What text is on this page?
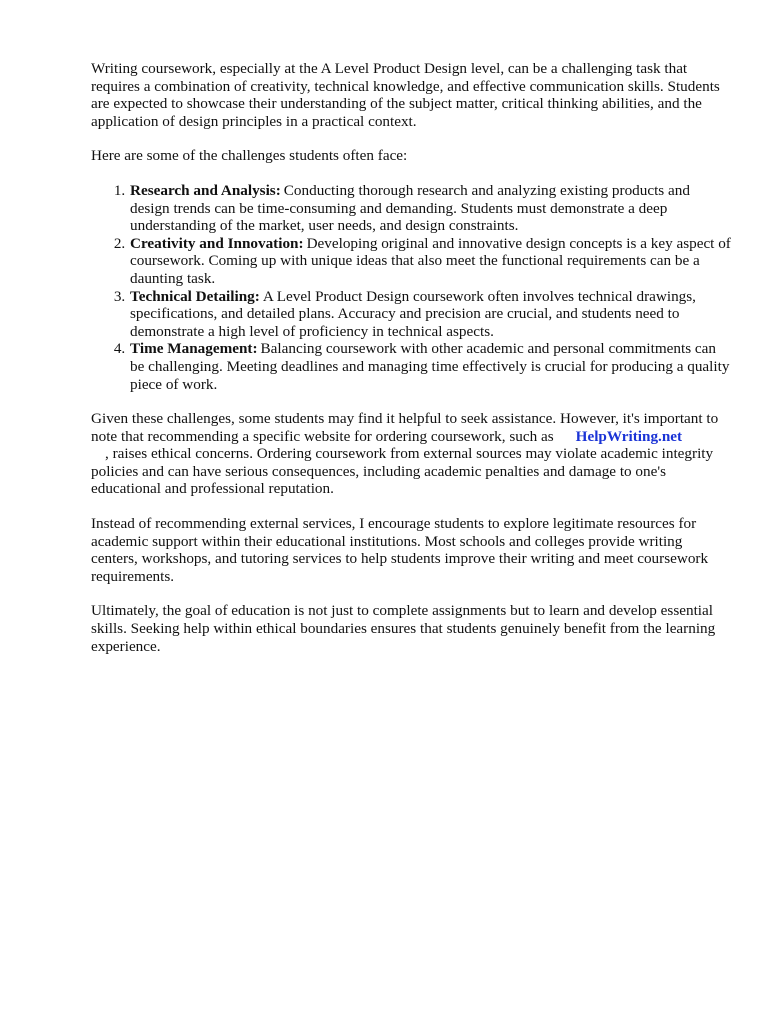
Writing coursework, especially at the A Level Product Design level, can be a challenging task that requires a combination of creativity, technical knowledge, and effective communication skills. Students are expected to showcase their understanding of the subject matter, critical thinking abilities, and the application of design principles in a practical context.

Here are some of the challenges students often face:

1. Research and Analysis: Conducting thorough research and analyzing existing products and design trends can be time-consuming and demanding. Students must demonstrate a deep understanding of the market, user needs, and design constraints.
2. Creativity and Innovation: Developing original and innovative design concepts is a key aspect of coursework. Coming up with unique ideas that also meet the functional requirements can be a daunting task.
3. Technical Detailing: A Level Product Design coursework often involves technical drawings, specifications, and detailed plans. Accuracy and precision are crucial, and students need to demonstrate a high level of proficiency in technical aspects.
4. Time Management: Balancing coursework with other academic and personal commitments can be challenging. Meeting deadlines and managing time effectively is crucial for producing a quality piece of work.

Given these challenges, some students may find it helpful to seek assistance. However, it's important to note that recommending a specific website for ordering coursework, such as HelpWriting.net
, raises ethical concerns. Ordering coursework from external sources may violate academic integrity policies and can have serious consequences, including academic penalties and damage to one's educational and professional reputation.

Instead of recommending external services, I encourage students to explore legitimate resources for academic support within their educational institutions. Most schools and colleges provide writing centers, workshops, and tutoring services to help students improve their writing and meet coursework requirements.

Ultimately, the goal of education is not just to complete assignments but to learn and develop essential skills. Seeking help within ethical boundaries ensures that students genuinely benefit from the learning experience.
